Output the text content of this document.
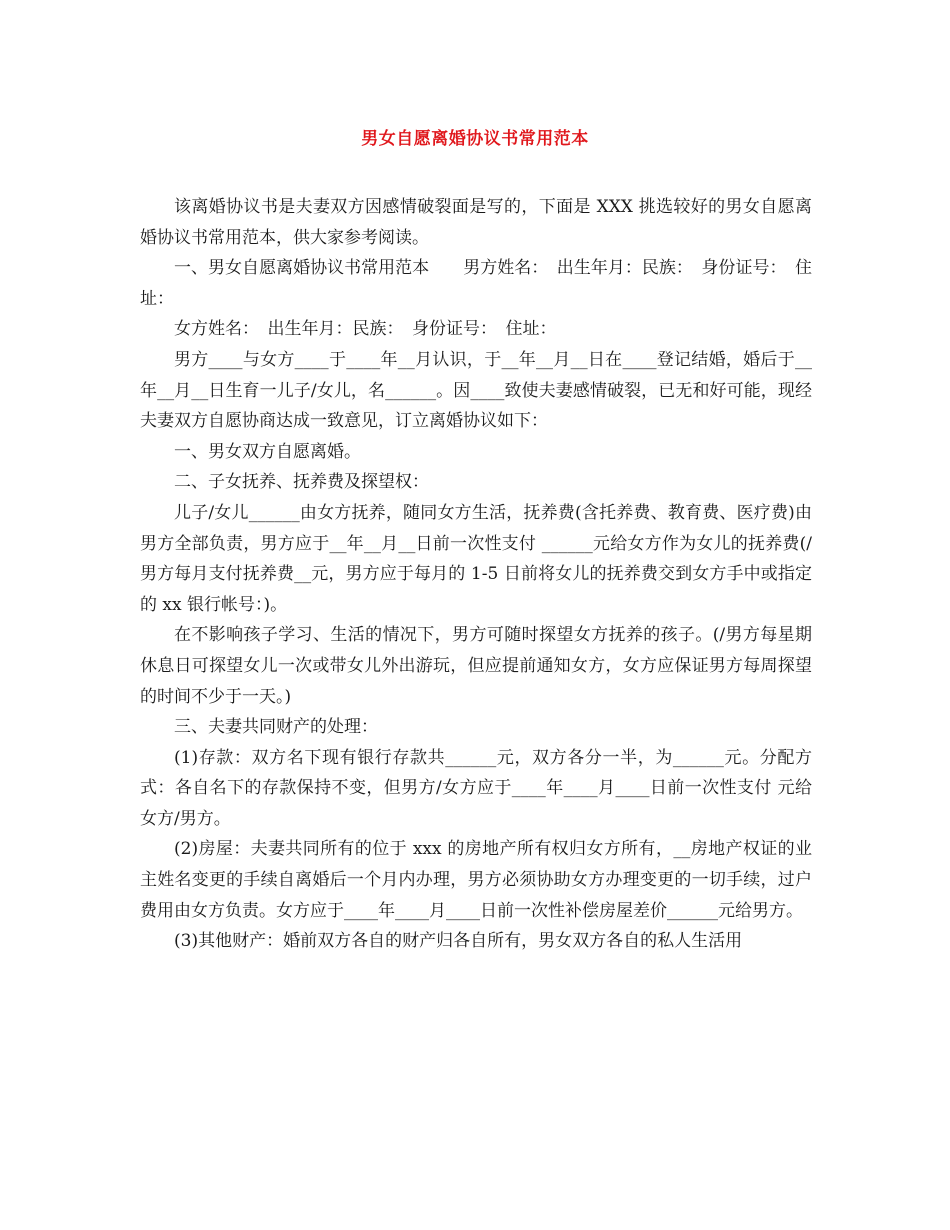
男女自愿离婚协议书常用范本

该离婚协议书是夫妻双方因感情破裂面是写的，下面是 XXX 挑选较好的男女自愿离婚协议书常用范本，供大家参考阅读。

一、男女自愿离婚协议书常用范本　　男方姓名：　出生年月：民族：　身份证号：　住址：

女方姓名：　出生年月：民族：　身份证号：　住址：

男方____与女方____于____年__月认识，于__年__月__日在____登记结婚，婚后于__年__月__日生育一儿子/女儿，名______。因____致使夫妻感情破裂，已无和好可能，现经夫妻双方自愿协商达成一致意见，订立离婚协议如下：

一、男女双方自愿离婚。

二、子女抚养、抚养费及探望权：

儿子/女儿______由女方抚养，随同女方生活，抚养费(含托养费、教育费、医疗费)由男方全部负责，男方应于__年__月__日前一次性支付 ______元给女方作为女儿的抚养费(/男方每月支付抚养费__元，男方应于每月的 1-5 日前将女儿的抚养费交到女方手中或指定的 xx 银行帐号：)。

在不影响孩子学习、生活的情况下，男方可随时探望女方抚养的孩子。(/男方每星期休息日可探望女儿一次或带女儿外出游玩，但应提前通知女方，女方应保证男方每周探望的时间不少于一天。)

三、夫妻共同财产的处理：

(1)存款：双方名下现有银行存款共______元，双方各分一半，为______元。分配方式：各自名下的存款保持不变，但男方/女方应于____年____月____日前一次性支付 元给女方/男方。

(2)房屋：夫妻共同所有的位于 xxx 的房地产所有权归女方所有，__房地产权证的业主姓名变更的手续自离婚后一个月内办理，男方必须协助女方办理变更的一切手续，过户费用由女方负责。女方应于____年____月____日前一次性补偿房屋差价______元给男方。

(3)其他财产：婚前双方各自的财产归各自所有，男女双方各自的私人生活用
